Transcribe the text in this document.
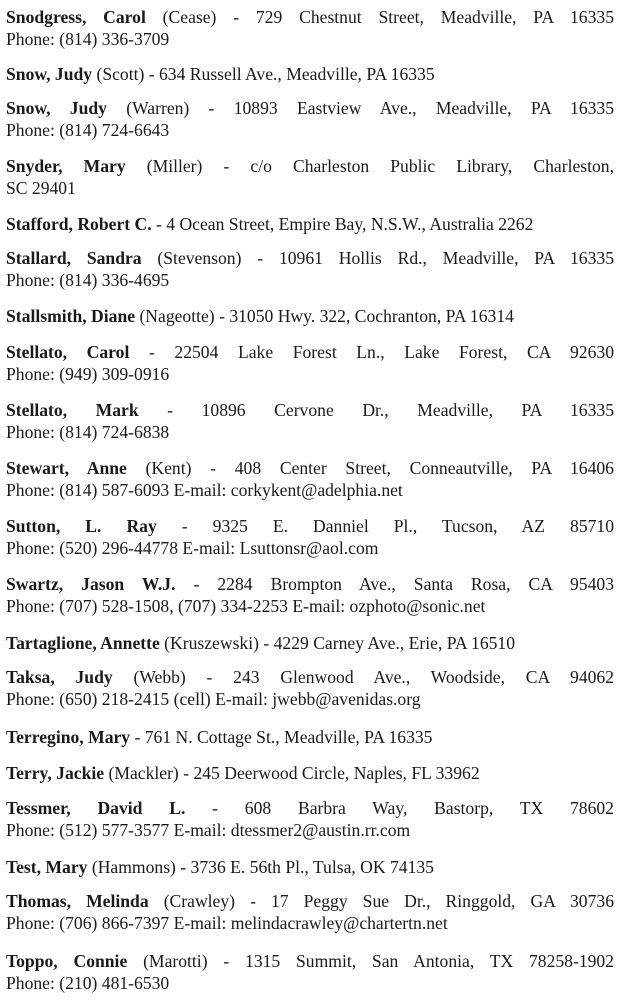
Snodgress, Carol (Cease) - 729 Chestnut Street, Meadville, PA 16335
Phone: (814) 336-3709
Snow, Judy (Scott) - 634 Russell Ave., Meadville, PA 16335
Snow, Judy (Warren) - 10893 Eastview Ave., Meadville, PA 16335
Phone: (814) 724-6643
Snyder, Mary (Miller) - c/o Charleston Public Library, Charleston,
SC 29401
Stafford, Robert C. - 4 Ocean Street, Empire Bay, N.S.W., Australia 2262
Stallard, Sandra (Stevenson) - 10961 Hollis Rd., Meadville, PA 16335
Phone: (814) 336-4695
Stallsmith, Diane (Nageotte) - 31050 Hwy. 322, Cochranton, PA 16314
Stellato, Carol - 22504 Lake Forest Ln., Lake Forest, CA 92630
Phone: (949) 309-0916
Stellato, Mark - 10896 Cervone Dr., Meadville, PA 16335
Phone: (814) 724-6838
Stewart, Anne (Kent) - 408 Center Street, Conneautville, PA 16406
Phone: (814) 587-6093 E-mail: corkykent@adelphia.net
Sutton, L. Ray - 9325 E. Danniel Pl., Tucson, AZ 85710
Phone: (520) 296-44778 E-mail: Lsuttonsr@aol.com
Swartz, Jason W.J. - 2284 Brompton Ave., Santa Rosa, CA 95403
Phone: (707) 528-1508, (707) 334-2253 E-mail: ozphoto@sonic.net
Tartaglione, Annette (Kruszewski) - 4229 Carney Ave., Erie, PA 16510
Taksa, Judy (Webb) - 243 Glenwood Ave., Woodside, CA 94062
Phone: (650) 218-2415 (cell) E-mail: jwebb@avenidas.org
Terregino, Mary - 761 N. Cottage St., Meadville, PA 16335
Terry, Jackie (Mackler) - 245 Deerwood Circle, Naples, FL 33962
Tessmer, David L. - 608 Barbra Way, Bastorp, TX 78602
Phone: (512) 577-3577 E-mail: dtessmer2@austin.rr.com
Test, Mary (Hammons) - 3736 E. 56th Pl., Tulsa, OK 74135
Thomas, Melinda (Crawley) - 17 Peggy Sue Dr., Ringgold, GA 30736
Phone: (706) 866-7397 E-mail: melindacrawley@chartertn.net
Toppo, Connie (Marotti) - 1315 Summit, San Antonia, TX 78258-1902
Phone: (210) 481-6530
